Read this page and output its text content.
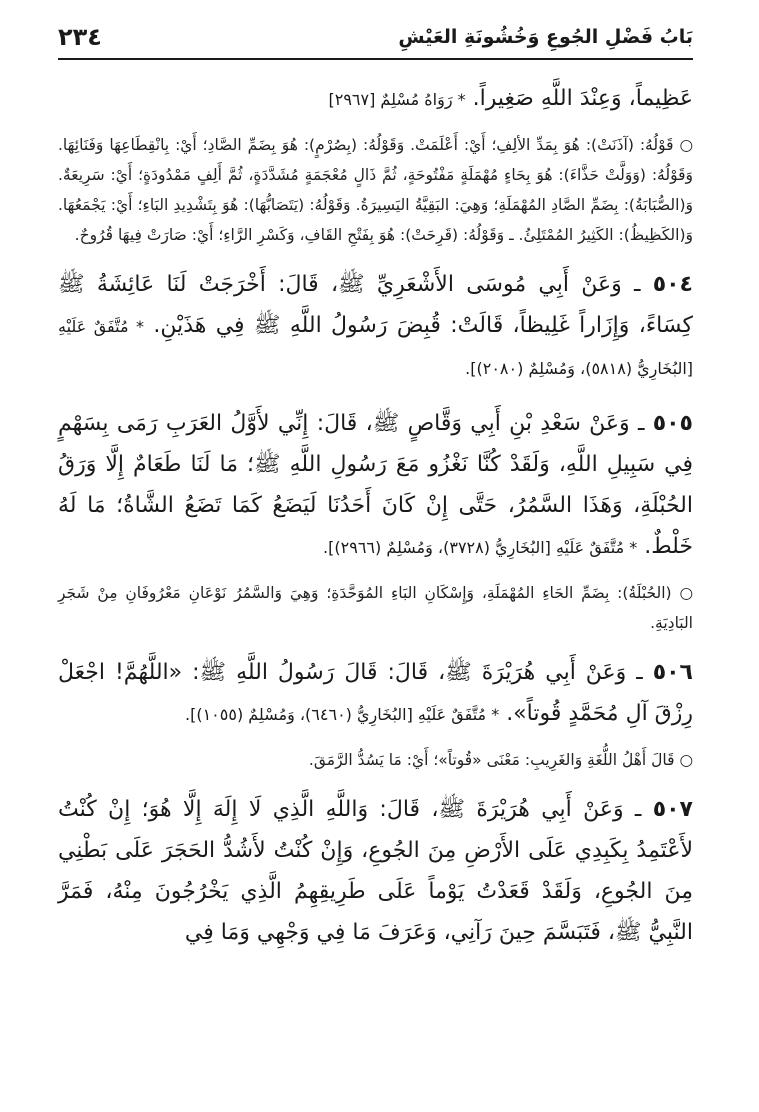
بَابُ فَضْلِ الجُوعِ وَخُشُونَةِ العَيْشِ
٢٣٤

عَظِيماً، وَعِنْدَ اللَّهِ صَغِيراً. * رَوَاهُ مُسْلِمٌ [٢٩٦٧]

○ قَوْلُهُ: (آذَنَتْ): هُوَ بِمَدِّ الألِفِ؛ أَيْ: أَعْلَمَتْ. وَقَوْلُهُ: (بِصُرْمٍ): هُوَ بِضَمِّ الصَّادِ؛ أَيْ: بِانْقِطَاعِهَا وَفَنَائِهَا. وَقَوْلُهُ: (وَوَلَّتْ حَذَّاءَ): هُوَ بِحَاءٍ مُهْمَلَةٍ مَفْتُوحَةٍ، ثُمَّ ذَالٍ مُعْجَمَةٍ مُشَدَّدَةٍ، ثُمَّ أَلِفٍ مَمْدُودَةٍ؛ أَيْ: سَرِيعَةٌ. وَ(الصُّبَابَةُ): بِضَمِّ الصَّادِ المُهْمَلَةِ؛ وَهِيَ: البَقِيَّةُ اليَسِيرَةُ. وَقَوْلُهُ: (يَتَصَابُّهَا): هُوَ بِتَشْدِيدِ البَاءِ؛ أَيْ: يَجْمَعُهَا. وَ(الكَظِيظُ): الكَثِيرُ المُمْتَلِئُ. ـ وَقَوْلُهُ: (قَرِحَتْ): هُوَ بِفَتْحِ القَافِ، وَكَسْرِ الرَّاءِ؛ أَيْ: صَارَتْ فِيهَا قُرُوحٌ.

٥٠٤ ـ وَعَنْ أَبِي مُوسَى الأَشْعَرِيِّ ﷺ، قَالَ: أَخْرَجَتْ لَنَا عَائِشَةُ ﷺ كِسَاءً، وَإِزَاراً غَلِيظاً، قَالَتْ: قُبِضَ رَسُولُ اللَّهِ ﷺ فِي هَذَيْنِ. * مُتَّفَقٌ عَلَيْهِ [البُخَارِيُّ (٥٨١٨)، وَمُسْلِمٌ (٢٠٨٠)].

٥٠٥ ـ وَعَنْ سَعْدِ بْنِ أَبِي وَقَّاصٍ ﷺ، قَالَ: إِنِّي لأَوَّلُ العَرَبِ رَمَى بِسَهْمٍ فِي سَبِيلِ اللَّهِ، وَلَقَدْ كُنَّا نَغْزُو مَعَ رَسُولِ اللَّهِ ﷺ؛ مَا لَنَا طَعَامٌ إِلَّا وَرَقُ الحُبْلَةِ، وَهَذَا السَّمُرُ، حَتَّى إِنْ كَانَ أَحَدُنَا لَيَضَعُ كَمَا تَضَعُ الشَّاةُ؛ مَا لَهُ خَلْطٌ. * مُتَّفَقٌ عَلَيْهِ [البُخَارِيُّ (٣٧٢٨)، وَمُسْلِمٌ (٢٩٦٦)].

○ (الحُبْلَةُ): بِضَمِّ الحَاءِ المُهْمَلَةِ، وَإِسْكَانِ البَاءِ المُوَحَّدَةِ؛ وَهِيَ وَالسَّمُرُ نَوْعَانِ مَعْرُوفَانِ مِنْ شَجَرِ البَادِيَةِ.

٥٠٦ ـ وَعَنْ أَبِي هُرَيْرَةَ ﷺ، قَالَ: قَالَ رَسُولُ اللَّهِ ﷺ: «اللَّهُمَّ! اجْعَلْ رِزْقَ آلِ مُحَمَّدٍ قُوتاً». * مُتَّفَقٌ عَلَيْهِ [البُخَارِيُّ (٦٤٦٠)، وَمُسْلِمٌ (١٠٥٥)].

○ قَالَ أَهْلُ اللُّغَةِ وَالغَرِيبِ: مَعْنَى «قُوتاً»؛ أَيْ: مَا يَسُدُّ الرَّمَقَ.

٥٠٧ ـ وَعَنْ أَبِي هُرَيْرَةَ ﷺ، قَالَ: وَاللَّهِ الَّذِي لَا إِلَهَ إِلَّا هُوَ؛ إِنْ كُنْتُ لأَعْتَمِدُ بِكَبِدِي عَلَى الأَرْضِ مِنَ الجُوعِ، وَإِنْ كُنْتُ لأَشُدُّ الحَجَرَ عَلَى بَطْنِي مِنَ الجُوعِ، وَلَقَدْ قَعَدْتُ يَوْماً عَلَى طَرِيقِهِمُ الَّذِي يَخْرُجُونَ مِنْهُ، فَمَرَّ النَّبِيُّ ﷺ، فَتَبَسَّمَ حِينَ رَآنِي، وَعَرَفَ مَا فِي وَجْهِي وَمَا فِي
